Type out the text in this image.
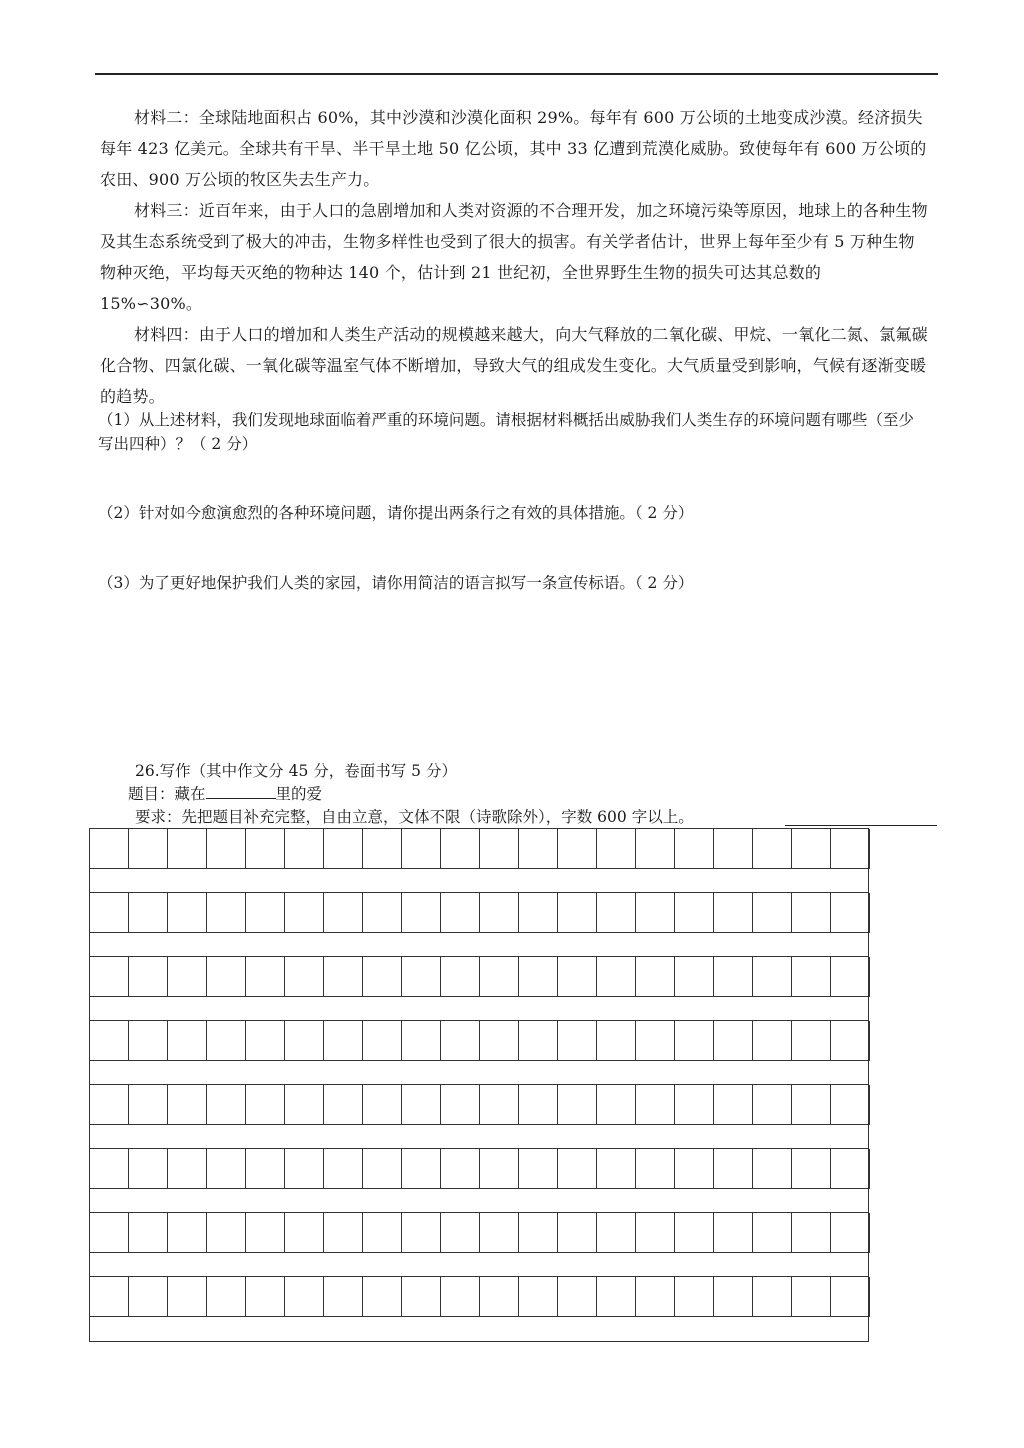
材料二：全球陆地面积占 60%，其中沙漠和沙漠化面积 29%。每年有 600 万公顷的土地变成沙漠。经济损失每年 423 亿美元。全球共有干旱、半干旱土地 50 亿公顷，其中 33 亿遭到荒漠化威胁。致使每年有 600 万公顷的农田、900 万公顷的牧区失去生产力。

材料三：近百年来，由于人口的急剧增加和人类对资源的不合理开发，加之环境污染等原因，地球上的各种生物及其生态系统受到了极大的冲击，生物多样性也受到了很大的损害。有关学者估计，世界上每年至少有 5 万种生物物种灭绝，平均每天灭绝的物种达 140 个，估计到 21 世纪初，全世界野生生物的损失可达其总数的 15%∽30%。

材料四：由于人口的增加和人类生产活动的规模越来越大，向大气释放的二氧化碳、甲烷、一氧化二氮、氯氟碳化合物、四氯化碳、一氧化碳等温室气体不断增加，导致大气的组成发生变化。大气质量受到影响，气候有逐渐变暖的趋势。

（1）从上述材料，我们发现地球面临着严重的环境问题。请根据材料概括出威胁我们人类生存的环境问题有哪些（至少写出四种）？（ 2 分）

（2）针对如今愈演愈烈的各种环境问题，请你提出两条行之有效的具体措施。（ 2 分）

（3）为了更好地保护我们人类的家园，请你用简洁的语言拟写一条宣传标语。（ 2 分）

26.写作（其中作文分 45 分，卷面书写 5 分）

题目：藏在	里的爱

要求：先把题目补充完整，自由立意，文体不限（诗歌除外），字数 600 字以上。
